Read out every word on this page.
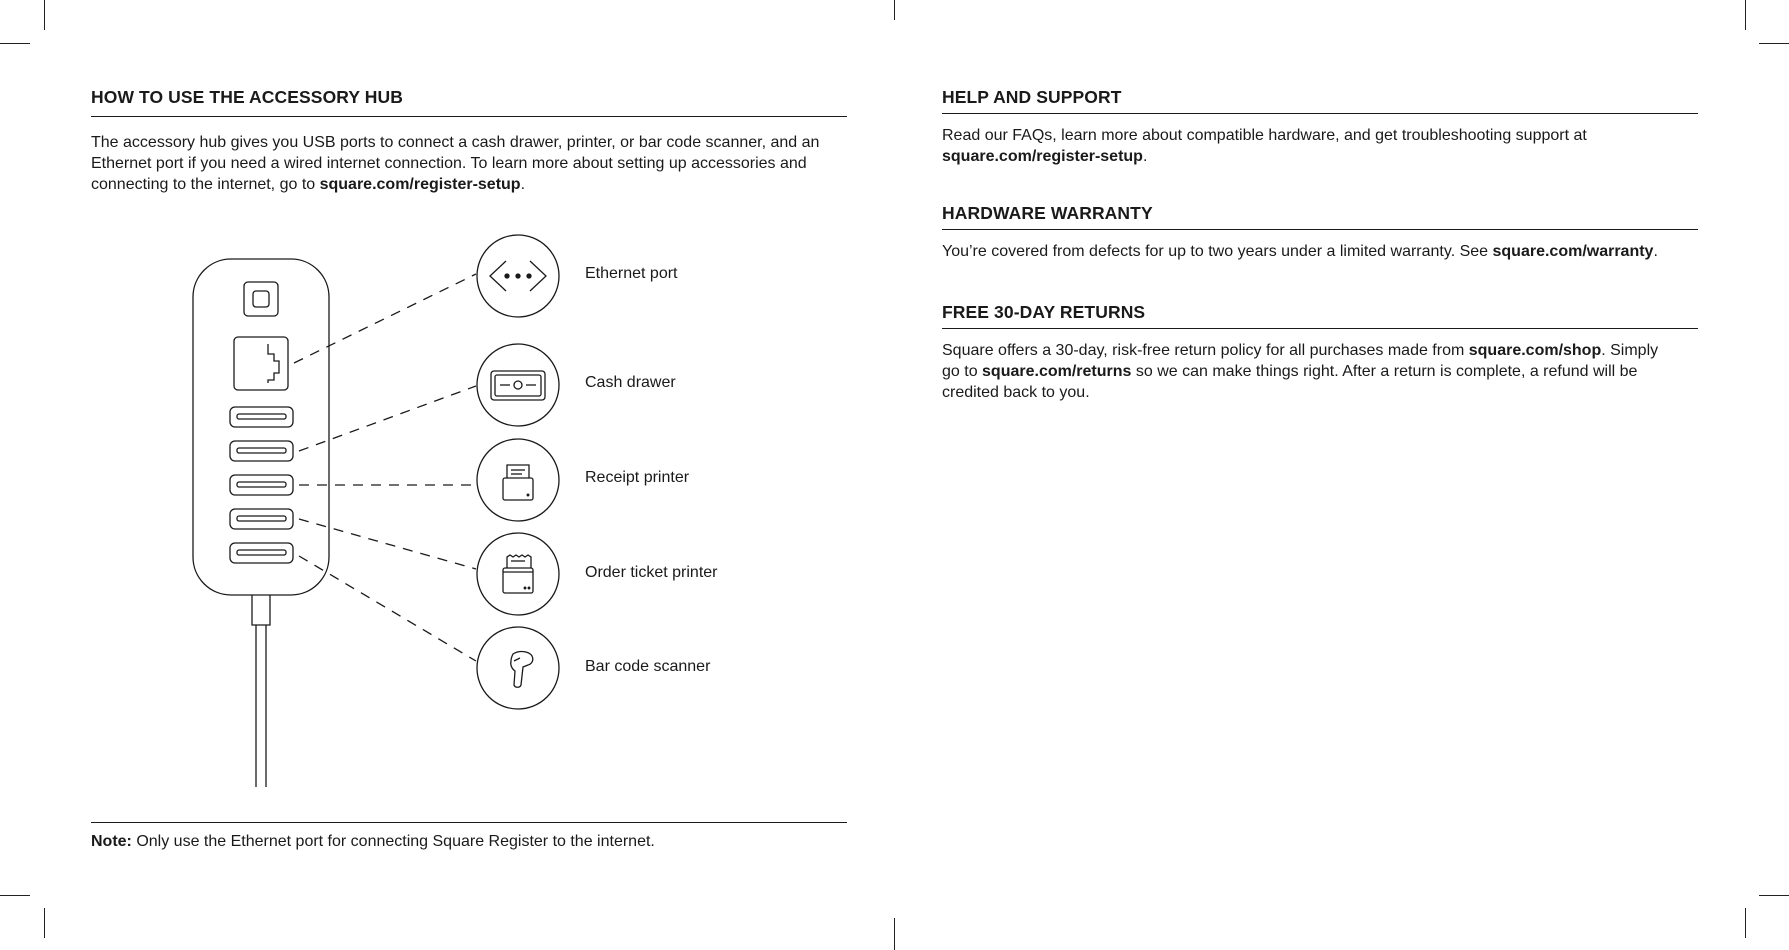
HOW TO USE THE ACCESSORY HUB

The accessory hub gives you USB ports to connect a cash drawer, printer, or bar code scanner, and an Ethernet port if you need a wired internet connection. To learn more about setting up accessories and connecting to the internet, go to square.com/register-setup.

Ethernet port
Cash drawer
Receipt printer
Order ticket printer
Bar code scanner

Note: Only use the Ethernet port for connecting Square Register to the internet.

HELP AND SUPPORT

Read our FAQs, learn more about compatible hardware, and get troubleshooting support at square.com/register-setup.

HARDWARE WARRANTY

You’re covered from defects for up to two years under a limited warranty. See square.com/warranty.

FREE 30-DAY RETURNS

Square offers a 30-day, risk-free return policy for all purchases made from square.com/shop. Simply go to square.com/returns so we can make things right. After a return is complete, a refund will be credited back to you.
